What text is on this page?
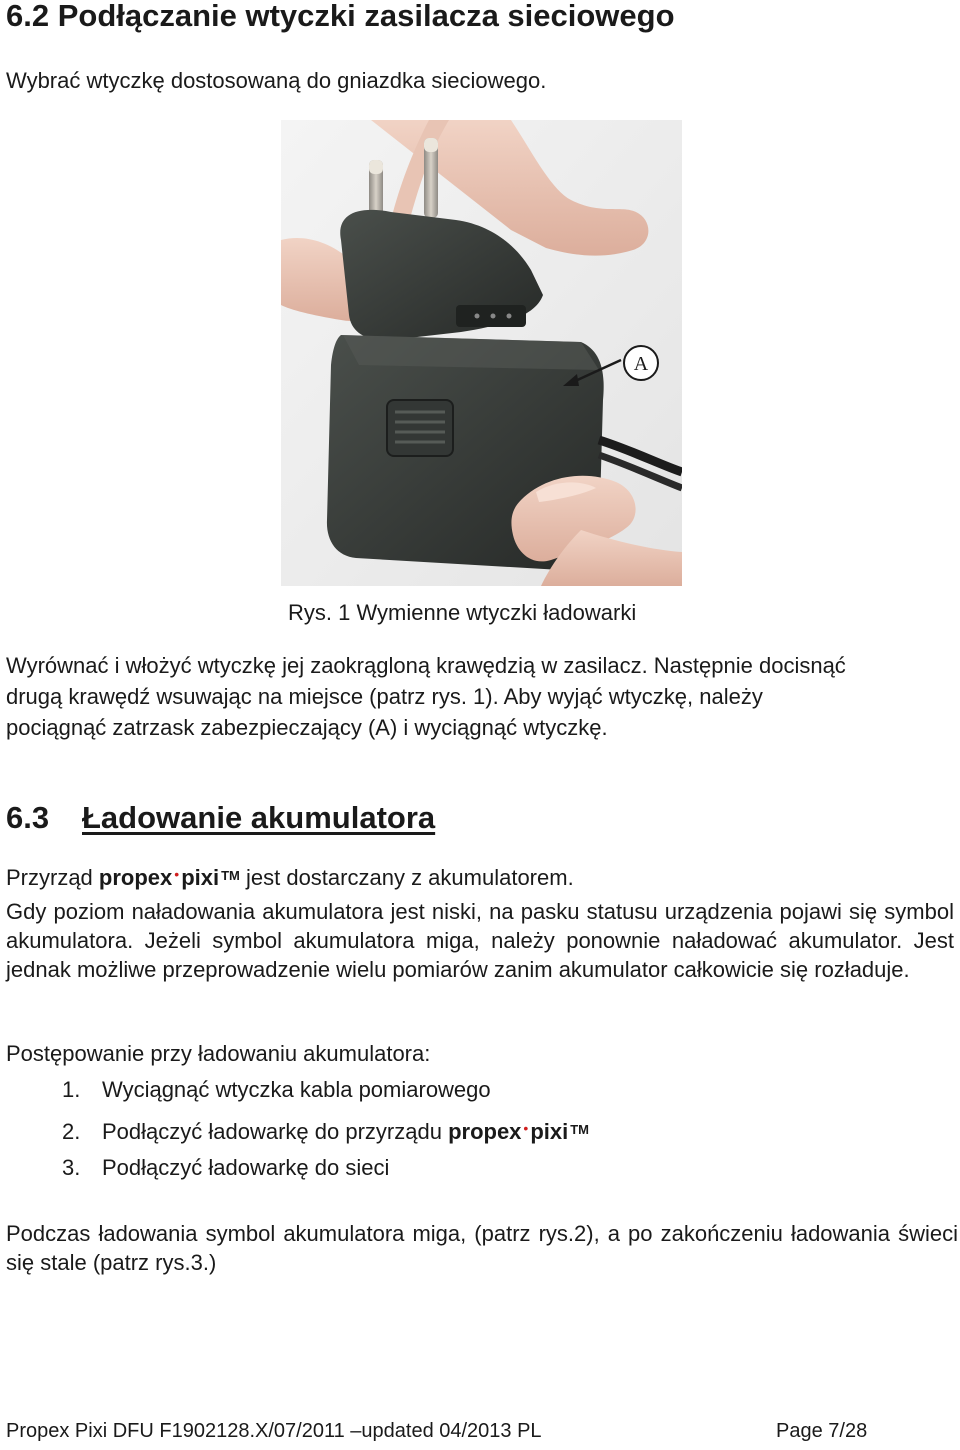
6.2 Podłączanie wtyczki zasilacza sieciowego

Wybrać wtyczkę dostosowaną do gniazdka sieciowego.

A

Rys. 1 Wymienne wtyczki ładowarki

Wyrównać i włożyć wtyczkę jej zaokrągloną krawędzią w zasilacz. Następnie docisnąć

drugą krawędź wsuwając na miejsce (patrz rys. 1). Aby wyjąć wtyczkę, należy

pociągnąć zatrzask zabezpieczający (A) i wyciągnąć wtyczkę.

6.3 Ładowanie akumulatora

Przyrząd propex •pixi ™ jest dostarczany z akumulatorem.

Gdy poziom naładowania akumulatora jest niski, na pasku statusu urządzenia pojawi się symbol akumulatora. Jeżeli symbol akumulatora miga, należy ponownie naładować akumulator. Jest jednak możliwe przeprowadzenie wielu pomiarów zanim akumulator całkowicie się rozładuje.

Postępowanie przy ładowaniu akumulatora:

1. Wyciągnąć wtyczka kabla pomiarowego
2. Podłączyć ładowarkę do przyrządu propex •pixi ™
3. Podłączyć ładowarkę do sieci

Podczas ładowania symbol akumulatora miga, (patrz rys.2), a po zakończeniu ładowania świeci się stale (patrz rys.3.)

Propex Pixi DFU F1902128.X/07/2011 –updated 04/2013 PL	Page 7/28
